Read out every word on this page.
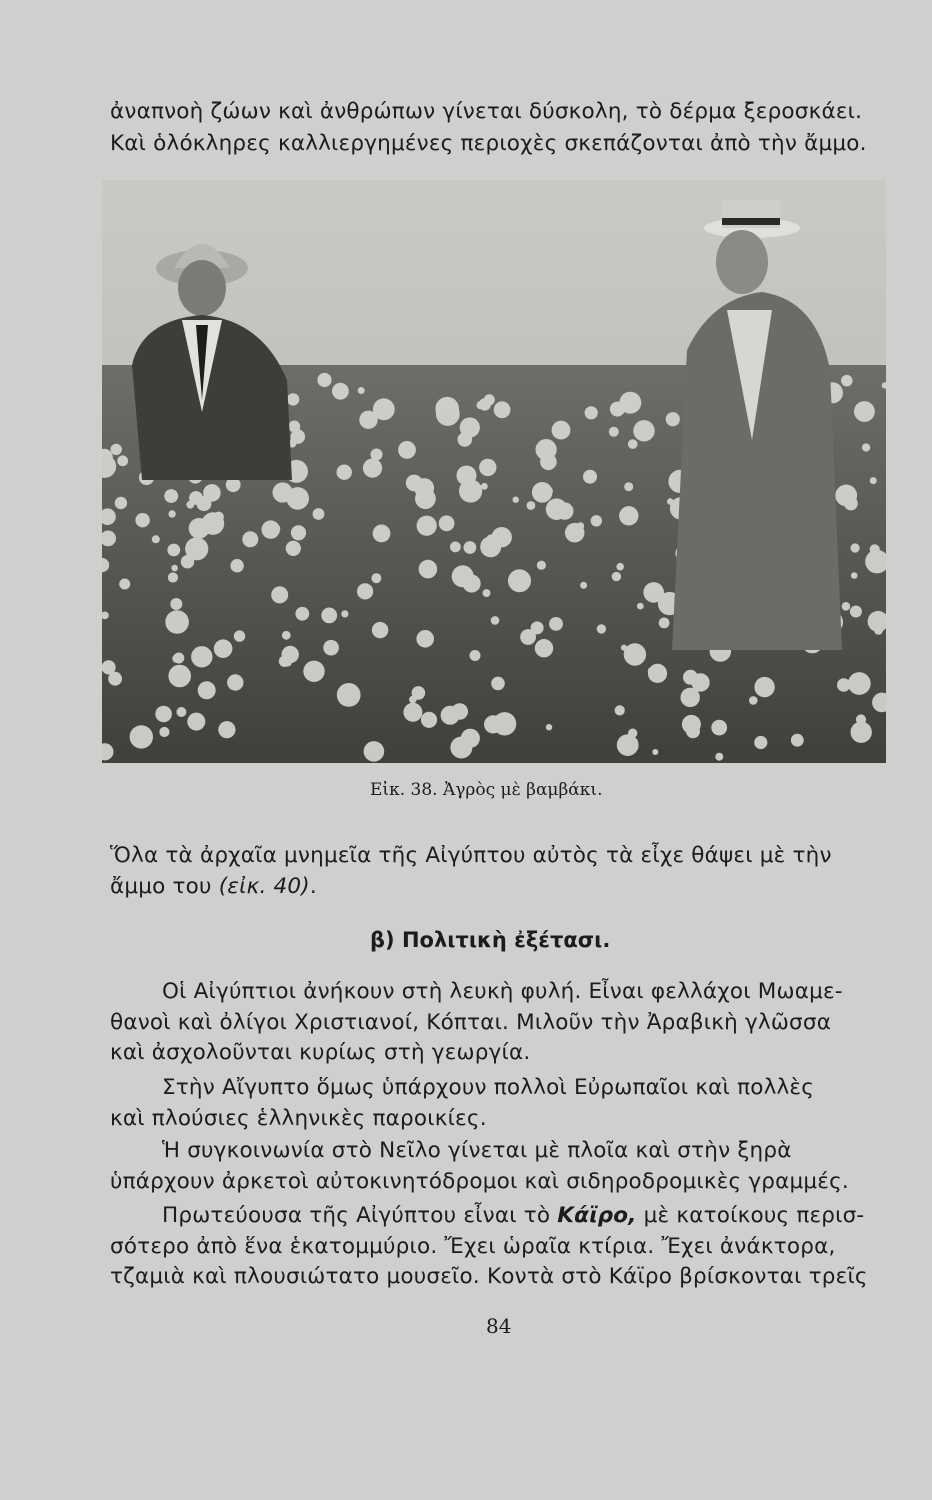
ἀναπνοὴ ζώων καὶ ἀνθρώπων γίνεται δύσκολη, τὸ δέρμα ξεροσκάει.
Καὶ ὁλόκληρες καλλιεργημένες περιοχὲς σκεπάζονται ἀπὸ τὴν ἄμμο.
Εἰκ. 38. Ἀγρὸς μὲ βαμβάκι.
Ὅλα τὰ ἀρχαῖα μνημεῖα τῆς Αἰγύπτου αὐτὸς τὰ εἶχε θάψει μὲ τὴν
ἄμμο του (εἰκ. 40).
β) Πολιτικὴ ἐξέτασι.
Οἱ Αἰγύπτιοι ἀνήκουν στὴ λευκὴ φυλή. Εἶναι φελλάχοι Μωαμε-
θανοὶ καὶ ὀλίγοι Χριστιανοί, Κόπται. Μιλοῦν τὴν Ἀραβικὴ γλῶσσα
καὶ ἀσχολοῦνται κυρίως στὴ γεωργία.
Στὴν Αἴγυπτο ὅμως ὑπάρχουν πολλοὶ Εὐρωπαῖοι καὶ πολλὲς
καὶ πλούσιες ἑλληνικὲς παροικίες.
Ἡ συγκοινωνία στὸ Νεῖλο γίνεται μὲ πλοῖα καὶ στὴν ξηρὰ
ὑπάρχουν ἀρκετοὶ αὐτοκινητόδρομοι καὶ σιδηροδρομικὲς γραμμές.
Πρωτεύουσα τῆς Αἰγύπτου εἶναι τὸ Κάϊρο, μὲ κατοίκους περισ-
σότερο ἀπὸ ἕνα ἑκατομμύριο. Ἔχει ὡραῖα κτίρια. Ἔχει ἀνάκτορα,
τζαμιὰ καὶ πλουσιώτατο μουσεῖο. Κοντὰ στὸ Κάϊρο βρίσκονται τρεῖς
84
